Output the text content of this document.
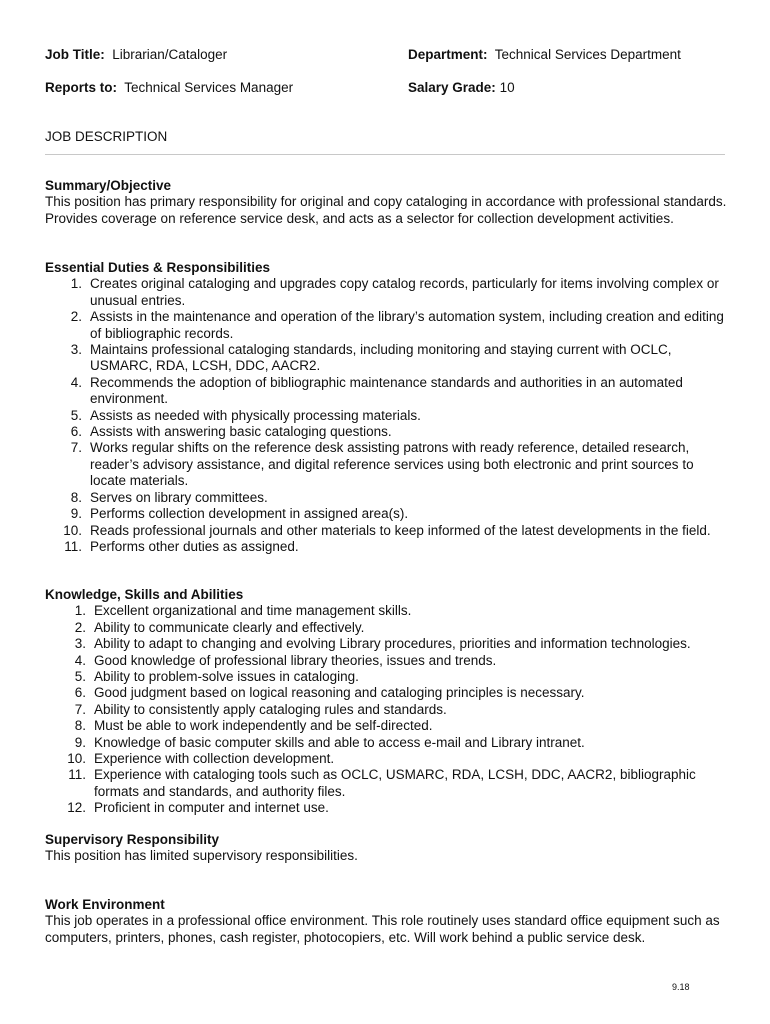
Job Title: Librarian/Cataloger	Department: Technical Services Department
Reports to: Technical Services Manager	Salary Grade: 10
JOB DESCRIPTION
Summary/Objective

This position has primary responsibility for original and copy cataloging in accordance with professional standards. Provides coverage on reference service desk, and acts as a selector for collection development activities.

Essential Duties & Responsibilities
1. Creates original cataloging and upgrades copy catalog records, particularly for items involving complex or unusual entries.
2. Assists in the maintenance and operation of the library’s automation system, including creation and editing of bibliographic records.
3. Maintains professional cataloging standards, including monitoring and staying current with OCLC, USMARC, RDA, LCSH, DDC, AACR2.
4. Recommends the adoption of bibliographic maintenance standards and authorities in an automated environment.
5. Assists as needed with physically processing materials.
6. Assists with answering basic cataloging questions.
7. Works regular shifts on the reference desk assisting patrons with ready reference, detailed research, reader’s advisory assistance, and digital reference services using both electronic and print sources to locate materials.
8. Serves on library committees.
9. Performs collection development in assigned area(s).
10. Reads professional journals and other materials to keep informed of the latest developments in the field.
11. Performs other duties as assigned.
Knowledge, Skills and Abilities
1. Excellent organizational and time management skills.
2. Ability to communicate clearly and effectively.
3. Ability to adapt to changing and evolving Library procedures, priorities and information technologies.
4. Good knowledge of professional library theories, issues and trends.
5. Ability to problem-solve issues in cataloging.
6. Good judgment based on logical reasoning and cataloging principles is necessary.
7. Ability to consistently apply cataloging rules and standards.
8. Must be able to work independently and be self-directed.
9. Knowledge of basic computer skills and able to access e-mail and Library intranet.
10. Experience with collection development.
11. Experience with cataloging tools such as OCLC, USMARC, RDA, LCSH, DDC, AACR2, bibliographic formats and standards, and authority files.
12. Proficient in computer and internet use.
Supervisory Responsibility

This position has limited supervisory responsibilities.

Work Environment

This job operates in a professional office environment. This role routinely uses standard office equipment such as computers, printers, phones, cash register, photocopiers, etc. Will work behind a public service desk.

9.18
